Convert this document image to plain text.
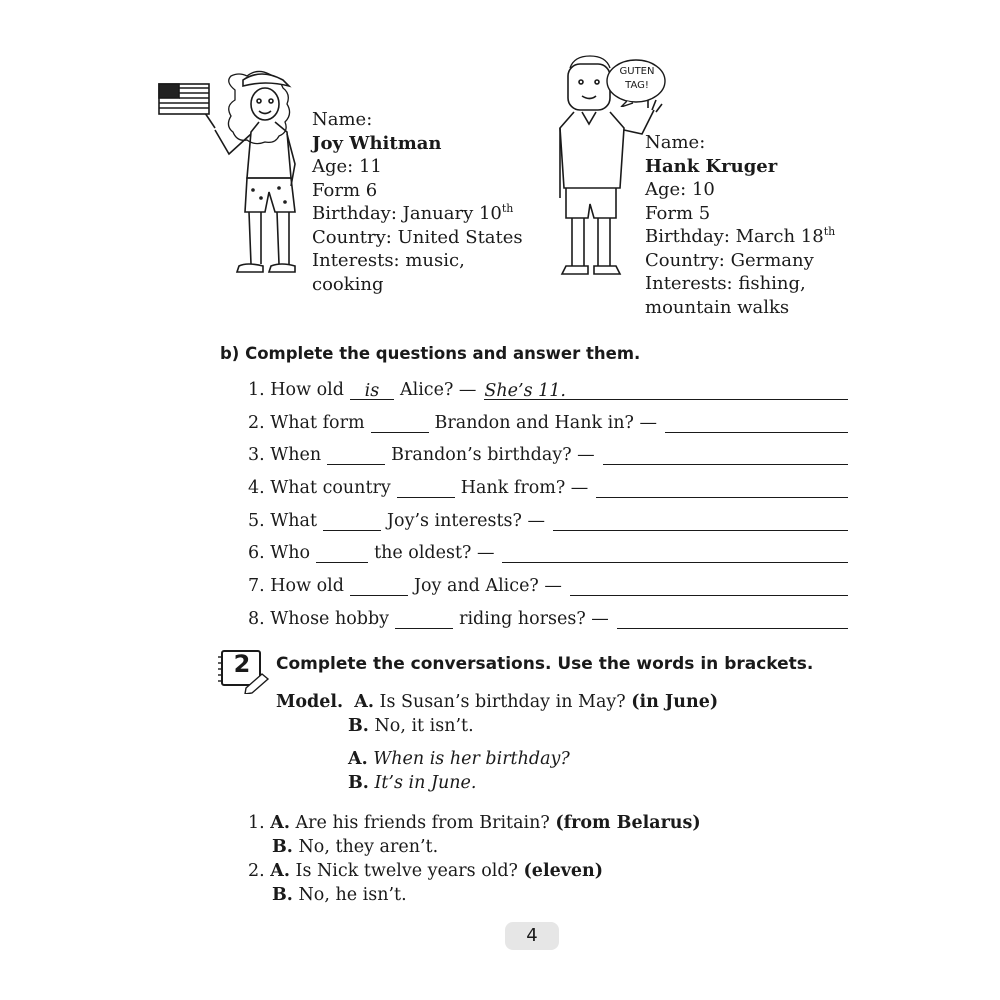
GUTEN
TAG!
Name:
Joy Whitman
Age: 11
Form 6
Birthday: January 10th
Country: United States
Interests: music,
cooking
Name:
Hank Kruger
Age: 10
Form 5
Birthday: March 18th
Country: Germany
Interests: fishing,
mountain walks
b) Complete the questions and answer them.
1.
How old	is	Alice? — She’s 11.
2.
What form	Brandon and Hank in? —
3.
When	Brandon’s birthday? —
4.
What country	Hank from? —
5.
What	Joy’s interests? —
6.
Who	the oldest? —
7.
How old	Joy and Alice? —
8.
Whose hobby	riding horses? —
2 Complete the conversations. Use the words in brackets.
Model. A. Is Susan’s birthday in May? (in June)
B. No, it isn’t.
A. When is her birthday?
B. It’s in June.
1. A. Are his friends from Britain? (from Belarus)
B. No, they aren’t.
2. A. Is Nick twelve years old? (eleven)
B. No, he isn’t.
4
